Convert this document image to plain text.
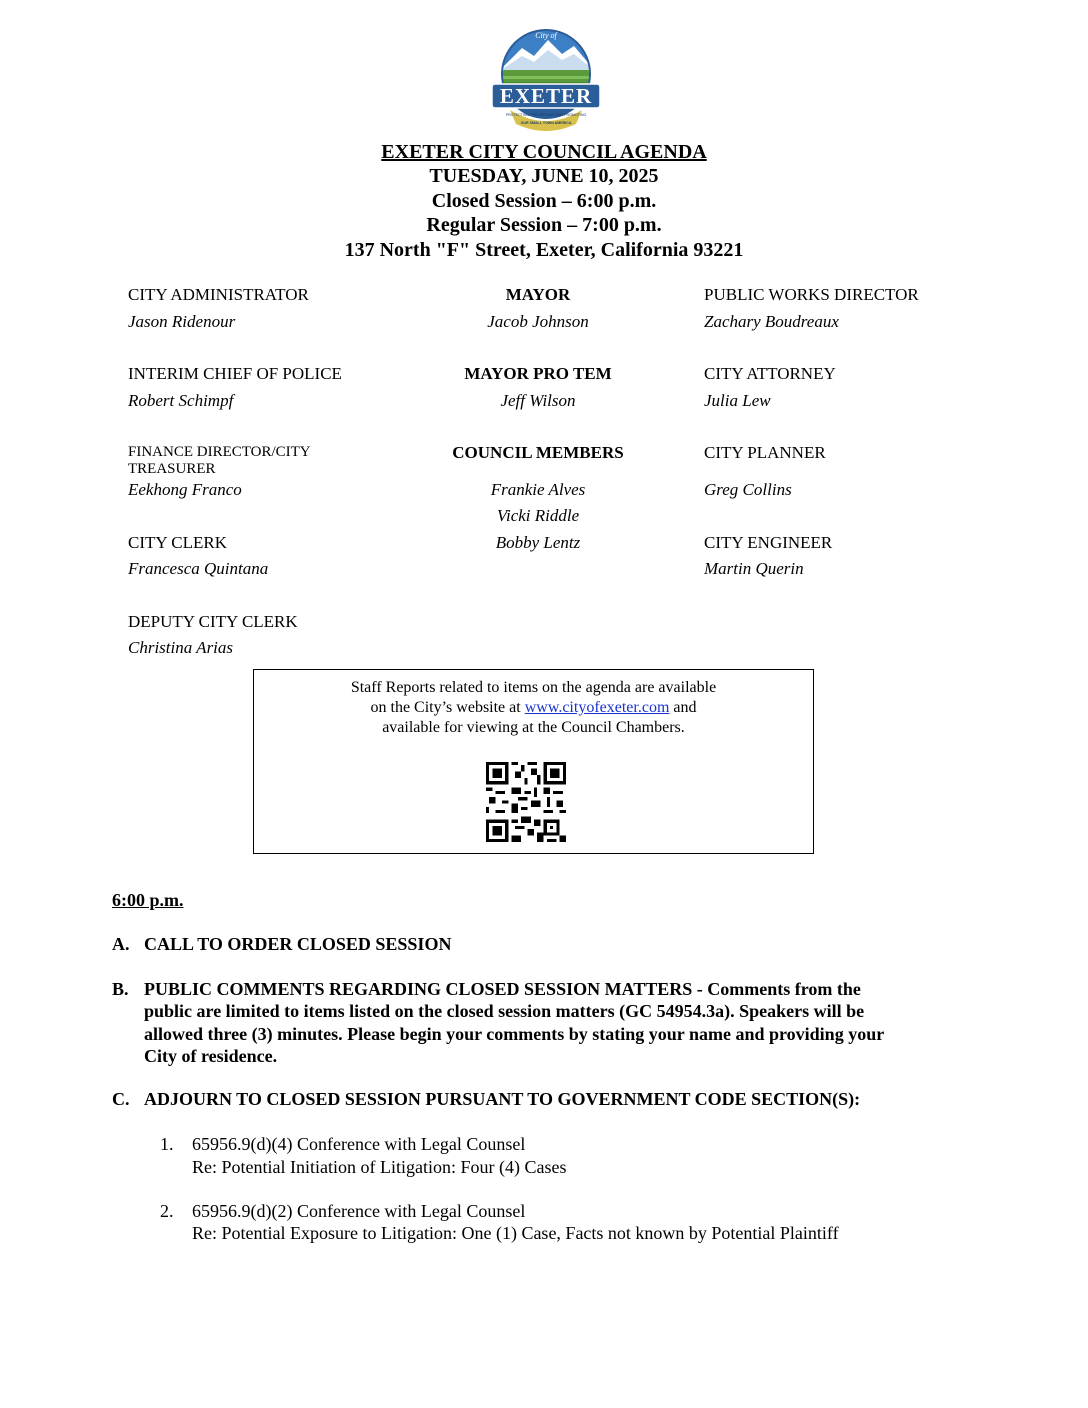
City of
EXETER
PROTECTING, PRESERVING AND PROMOTING
OUR SMALL TOWN AMERICA
EXETER CITY COUNCIL AGENDA
TUESDAY, JUNE 10, 2025
Closed Session – 6:00 p.m.
Regular Session – 7:00 p.m.
137 North "F" Street, Exeter, California 93221
CITY ADMINISTRATOR
Jason Ridenour
INTERIM CHIEF OF POLICE
Robert Schimpf
FINANCE DIRECTOR/CITY TREASURER
Eekhong Franco
CITY CLERK
Francesca Quintana
DEPUTY CITY CLERK
Christina Arias
MAYOR
Jacob Johnson
MAYOR PRO TEM
Jeff Wilson
COUNCIL MEMBERS
Frankie Alves
Vicki Riddle
Bobby Lentz
PUBLIC WORKS DIRECTOR
Zachary Boudreaux
CITY ATTORNEY
Julia Lew
CITY PLANNER
Greg Collins
CITY ENGINEER
Martin Querin
Staff Reports related to items on the agenda are available
on the City’s website at www.cityofexeter.com and
available for viewing at the Council Chambers.
6:00 p.m.
A. CALL TO ORDER CLOSED SESSION
B. PUBLIC COMMENTS REGARDING CLOSED SESSION MATTERS - Comments from the
public are limited to items listed on the closed session matters (GC 54954.3a). Speakers will be
allowed three (3) minutes. Please begin your comments by stating your name and providing your
City of residence.
C. ADJOURN TO CLOSED SESSION PURSUANT TO GOVERNMENT CODE SECTION(S):
1. 65956.9(d)(4) Conference with Legal Counsel
Re: Potential Initiation of Litigation: Four (4) Cases
2. 65956.9(d)(2) Conference with Legal Counsel
Re: Potential Exposure to Litigation: One (1) Case, Facts not known by Potential Plaintiff
